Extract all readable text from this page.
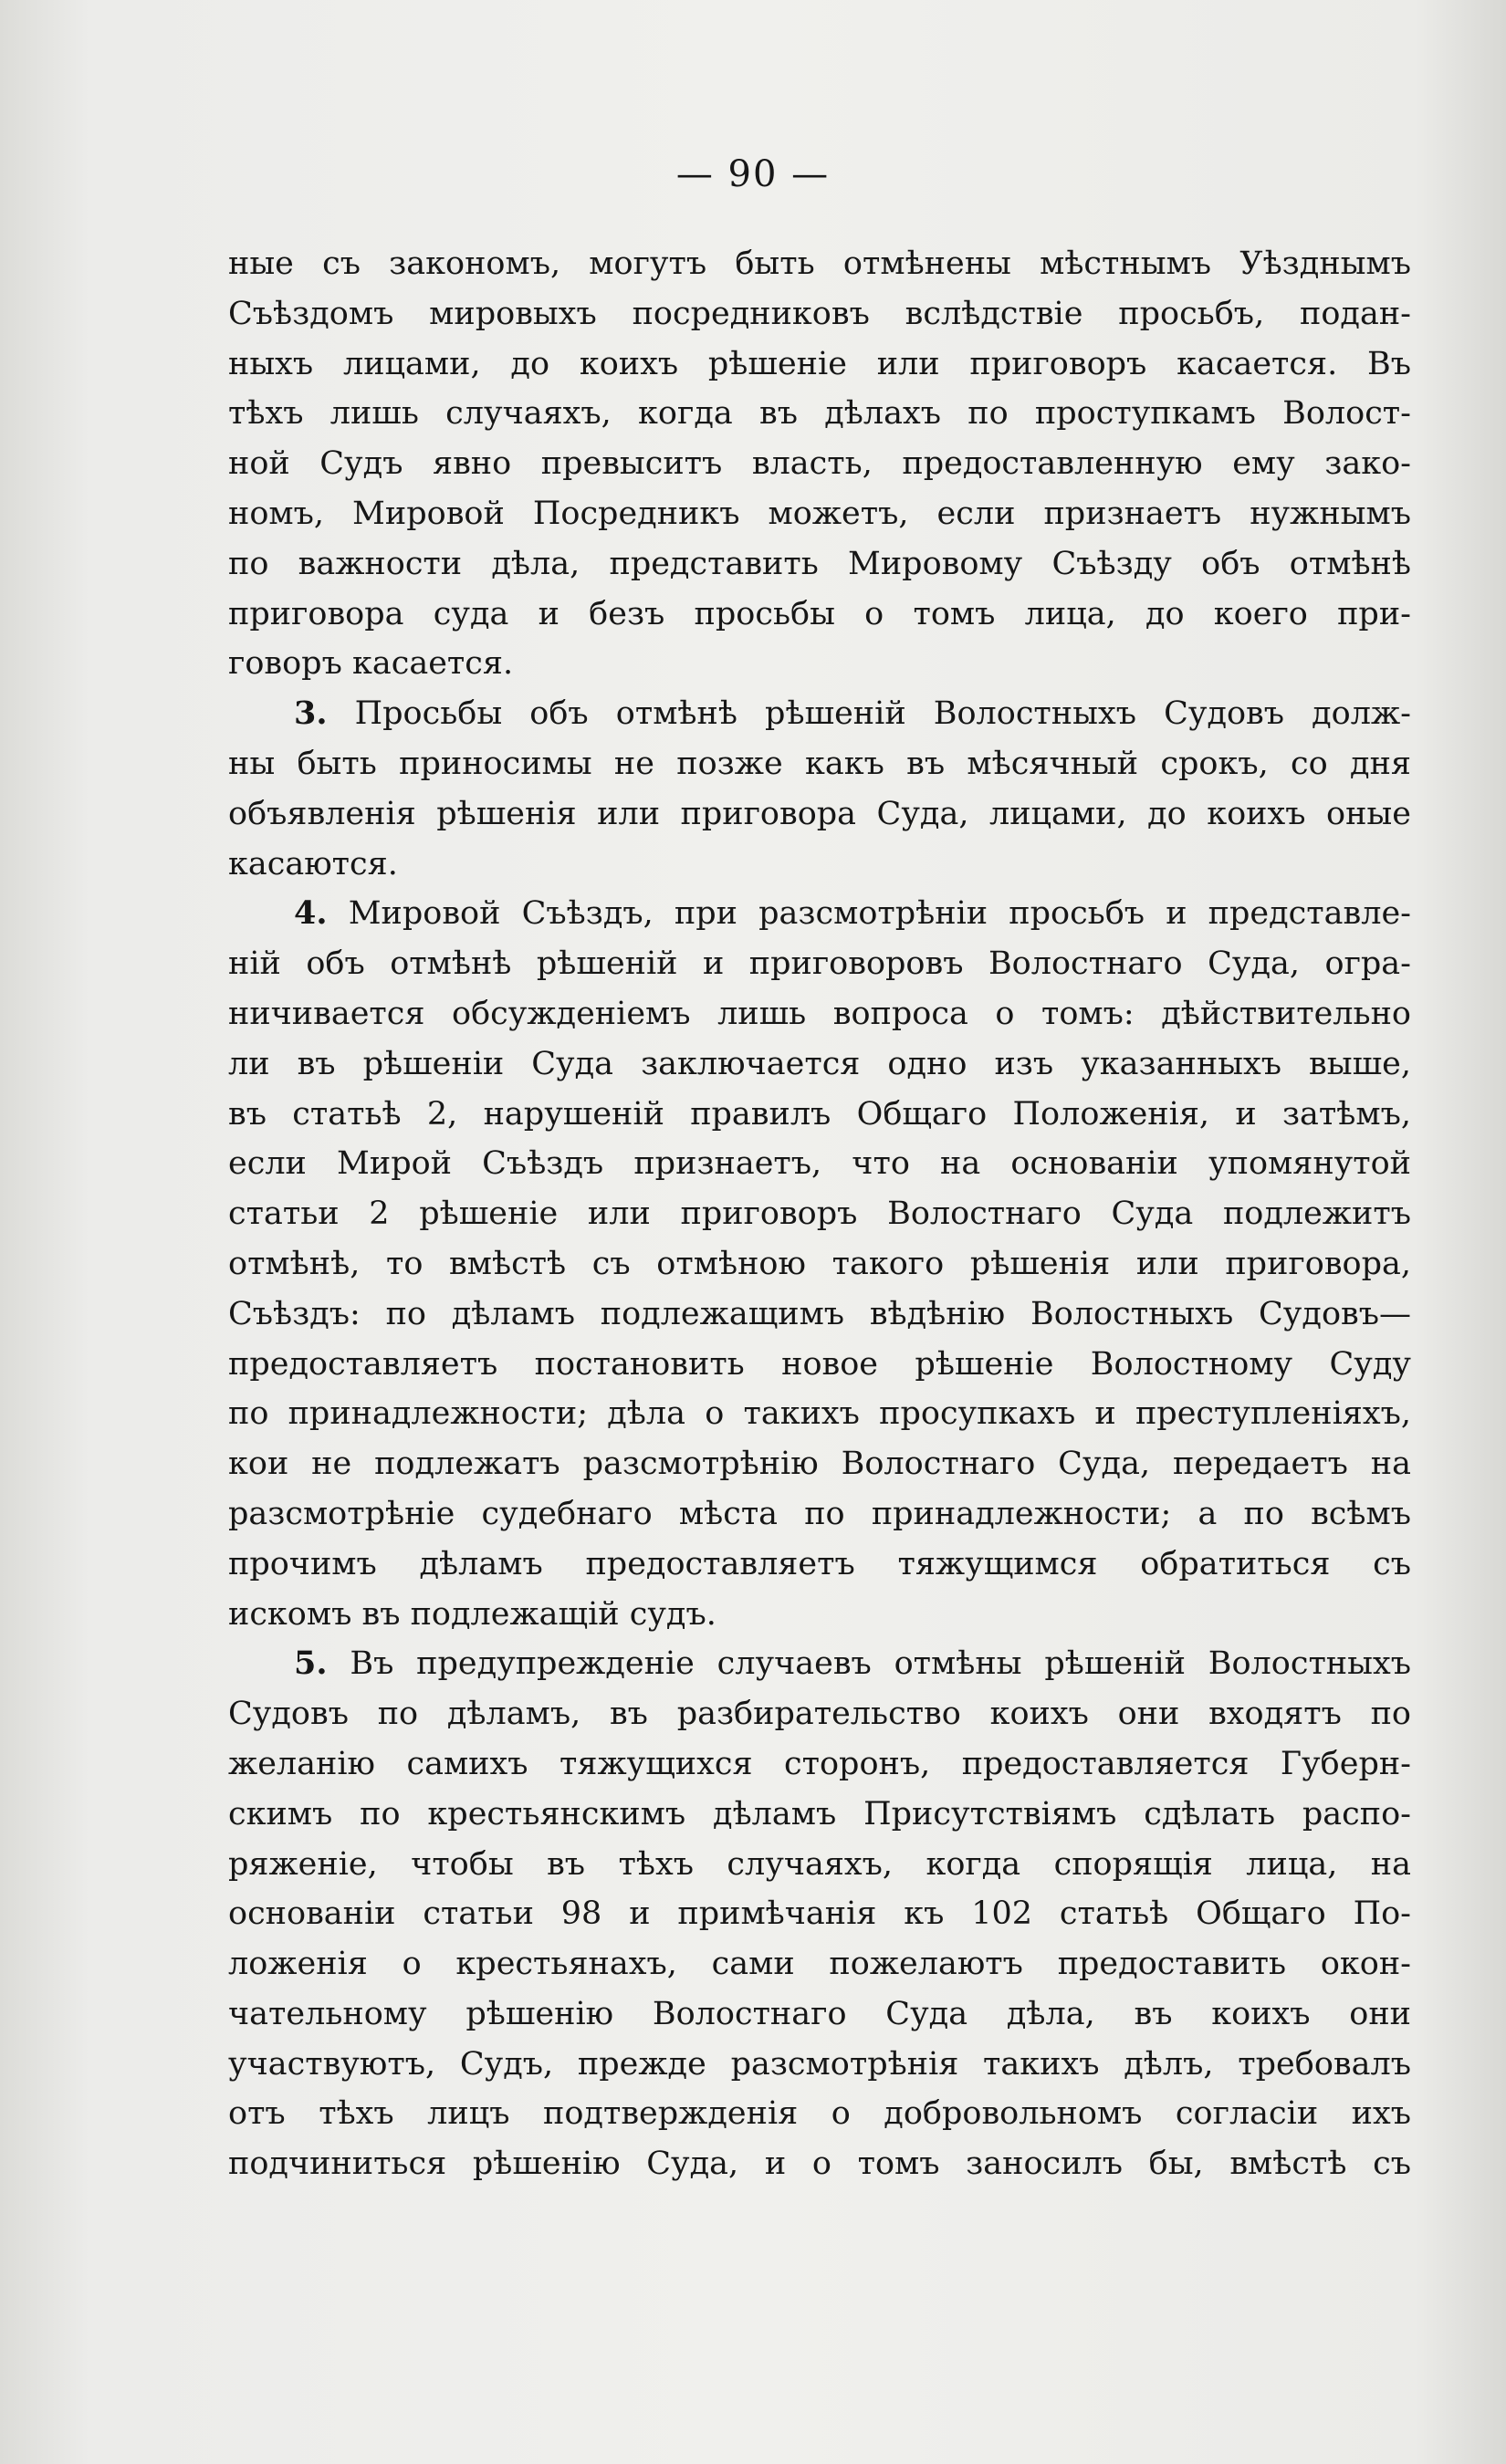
— 90 —
ные съ закономъ, могутъ быть отмѣнены мѣстнымъ Уѣзднымъ
Съѣздомъ мировыхъ посредниковъ вслѣдствіе просьбъ, подан-
ныхъ лицами, до коихъ рѣшеніе или приговоръ касается. Въ
тѣхъ лишь случаяхъ, когда въ дѣлахъ по проступкамъ Волост-
ной Судъ явно превыситъ власть, предоставленную ему зако-
номъ, Мировой Посредникъ можетъ, если признаетъ нужнымъ
по важности дѣла, представить Мировому Съѣзду объ отмѣнѣ
приговора суда и безъ просьбы о томъ лица, до коего при-
говоръ касается.
3. Просьбы объ отмѣнѣ рѣшеній Волостныхъ Судовъ долж-
ны быть приносимы не позже какъ въ мѣсячный срокъ, со дня
объявленія рѣшенія или приговора Суда, лицами, до коихъ оные
касаются.
4. Мировой Съѣздъ, при разсмотрѣніи просьбъ и представле-
ній объ отмѣнѣ рѣшеній и приговоровъ Волостнаго Суда, огра-
ничивается обсужденіемъ лишь вопроса о томъ: дѣйствительно
ли въ рѣшеніи Суда заключается одно изъ указанныхъ выше,
въ статьѣ 2, нарушеній правилъ Общаго Положенія, и затѣмъ,
если Мирой Съѣздъ признаетъ, что на основаніи упомянутой
статьи 2 рѣшеніе или приговоръ Волостнаго Суда подлежитъ
отмѣнѣ, то вмѣстѣ съ отмѣною такого рѣшенія или приговора,
Съѣздъ: по дѣламъ подлежащимъ вѣдѣнію Волостныхъ Судовъ—
предоставляетъ постановить новое рѣшеніе Волостному Суду
по принадлежности; дѣла о такихъ просупкахъ и преступленіяхъ,
кои не подлежатъ разсмотрѣнію Волостнаго Суда, передаетъ на
разсмотрѣніе судебнаго мѣста по принадлежности; а по всѣмъ
прочимъ дѣламъ предоставляетъ тяжущимся обратиться съ
искомъ въ подлежащій судъ.
5. Въ предупрежденіе случаевъ отмѣны рѣшеній Волостныхъ
Судовъ по дѣламъ, въ разбирательство коихъ они входятъ по
желанію самихъ тяжущихся сторонъ, предоставляется Губерн-
скимъ по крестьянскимъ дѣламъ Присутствіямъ сдѣлать распо-
ряженіе, чтобы въ тѣхъ случаяхъ, когда спорящія лица, на
основаніи статьи 98 и примѣчанія къ 102 статьѣ Общаго По-
ложенія о крестьянахъ, сами пожелаютъ предоставить окон-
чательному рѣшенію Волостнаго Суда дѣла, въ коихъ они
участвуютъ, Судъ, прежде разсмотрѣнія такихъ дѣлъ, требовалъ
отъ тѣхъ лицъ подтвержденія о добровольномъ согласіи ихъ
подчиниться рѣшенію Суда, и о томъ заносилъ бы, вмѣстѣ съ
